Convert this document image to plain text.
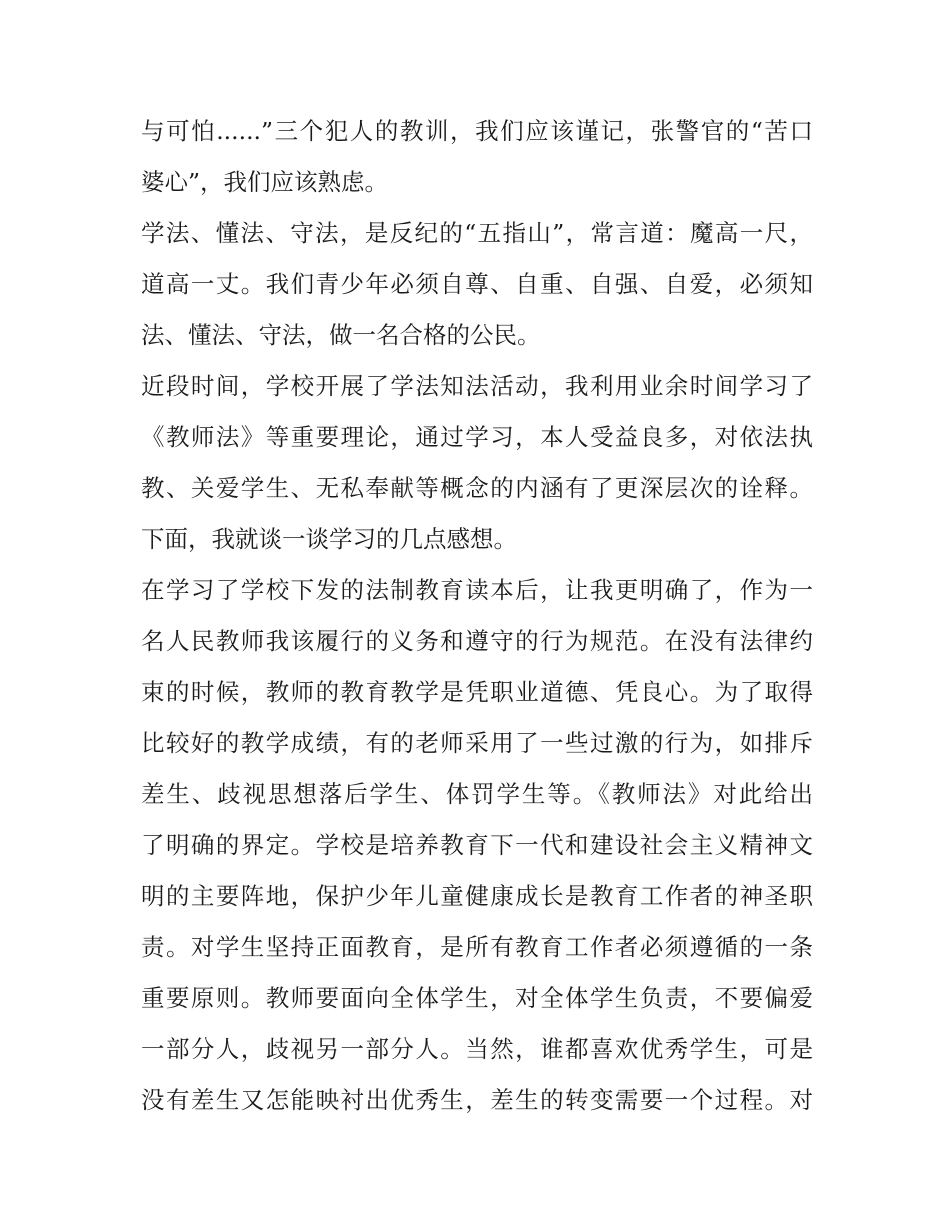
与可怕......”三个犯人的教训，我们应该谨记，张警官的“苦口
婆心”，我们应该熟虑。
学法、懂法、守法，是反纪的“五指山”，常言道：魔高一尺，
道高一丈。我们青少年必须自尊、自重、自强、自爱，必须知
法、懂法、守法，做一名合格的公民。
近段时间，学校开展了学法知法活动，我利用业余时间学习了
《教师法》等重要理论，通过学习，本人受益良多，对依法执
教、关爱学生、无私奉献等概念的内涵有了更深层次的诠释。
下面，我就谈一谈学习的几点感想。
在学习了学校下发的法制教育读本后，让我更明确了，作为一
名人民教师我该履行的义务和遵守的行为规范。在没有法律约
束的时候，教师的教育教学是凭职业道德、凭良心。为了取得
比较好的教学成绩，有的老师采用了一些过激的行为，如排斥
差生、歧视思想落后学生、体罚学生等。《教师法》对此给出
了明确的界定。学校是培养教育下一代和建设社会主义精神文
明的主要阵地，保护少年儿童健康成长是教育工作者的神圣职
责。对学生坚持正面教育，是所有教育工作者必须遵循的一条
重要原则。教师要面向全体学生，对全体学生负责，不要偏爱
一部分人，歧视另一部分人。当然，谁都喜欢优秀学生，可是
没有差生又怎能映衬出优秀生，差生的转变需要一个过程。对
